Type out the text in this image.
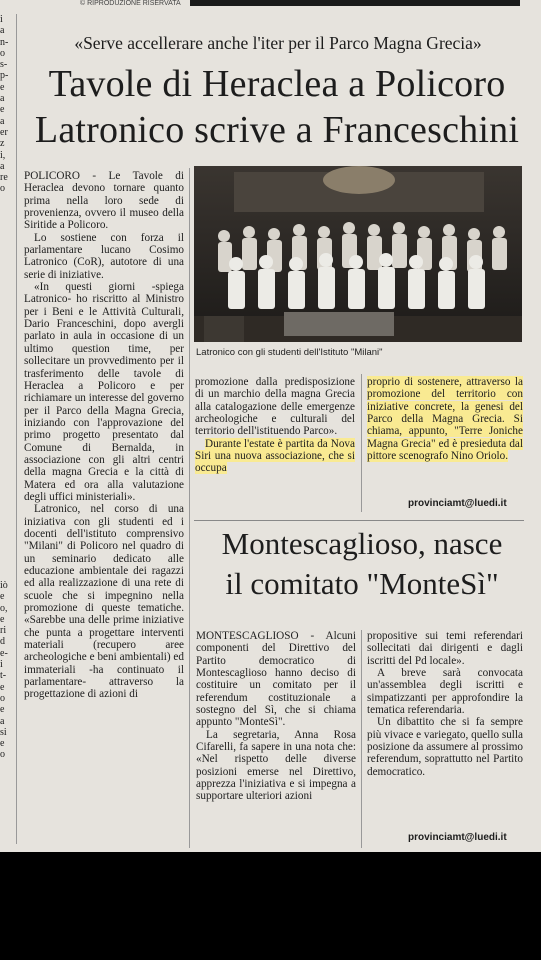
© RIPRODUZIONE RISERVATA
i
a
n-
o
s-
p-
e
a
e
a
er
z
i,
a
re
o
iò
e
o,
e
ri
d
e-
i
t-
e
o
e
a
si
e
o
«Serve accellerare anche l'iter per il Parco Magna Grecia»
Tavole di Heraclea a Policoro
Latronico scrive a Franceschini

POLICORO - Le Tavole di Heraclea devono tornare quanto prima nella loro sede di provenienza, ovvero il museo della Siritide a Policoro.

Lo sostiene con forza il parlamentare lucano Cosimo Latronico (CoR), autotore di una serie di iniziative.

«In questi giorni -spiega Latronico- ho riscritto al Ministro per i Beni e le Attività Culturali, Dario Franceschini, dopo avergli parlato in aula in occasione di un ultimo question time, per sollecitare un provvedimento per il trasferimento delle tavole di Heraclea a Policoro e per richiamare un interesse del governo per il Parco della Magna Grecia, iniziando con l'approvazione del primo progetto presentato dal Comune di Bernalda, in associazione con gli altri centri della magna Grecia e la città di Matera ed ora alla valutazione degli uffici ministeriali».

Latronico, nel corso di una iniziativa con gli studenti ed i docenti dell'istituto comprensivo "Milani" di Policoro nel quadro di un seminario dedicato alle educazione ambientale dei ragazzi ed alla realizzazione di una rete di scuole che si impegnino nella promozione di queste tematiche. «Sarebbe una delle prime iniziative che punta a progettare interventi materiali (recupero aree archeologiche e beni ambientali) ed immateriali -ha continuato il parlamentare- attraverso la progettazione di azioni di

Latronico con gli studenti dell'Istituto "Milani"

promozione dalla predisposizione di un marchio della magna Grecia alla catalogazione delle emergenze archeologiche e culturali del territorio dell'istituendo Parco».

Durante l'estate è partita da Nova Siri una nuova associazione, che si occupa

proprio di sostenere, attraverso la promozione del territorio con iniziative concrete, la genesi del Parco della Magna Grecia. Si chiama, appunto, "Terre Joniche Magna Grecia" ed è presieduta dal pittore scenografo Nino Oriolo.

provinciamt@luedi.it
Montescaglioso, nasce
il comitato "MonteSì"

MONTESCAGLIOSO - Alcuni componenti del Direttivo del Partito democratico di Montescaglioso hanno deciso di costituire un comitato per il referendum costituzionale a sostegno del Sì, che si chiama appunto "MonteSì".

La segretaria, Anna Rosa Cifarelli, fa sapere in una nota che: «Nel rispetto delle diverse posizioni emerse nel Direttivo, apprezza l'iniziativa e si impegna a supportare ulteriori azioni

propositive sui temi referendari sollecitati dai dirigenti e dagli iscritti del Pd locale».

A breve sarà convocata un'assemblea degli iscritti e simpatizzanti per approfondire la tematica referendaria.

Un dibattito che si fa sempre più vivace e variegato, quello sulla posizione da assumere al prossimo referendum, soprattutto nel Partito democratico.

provinciamt@luedi.it
